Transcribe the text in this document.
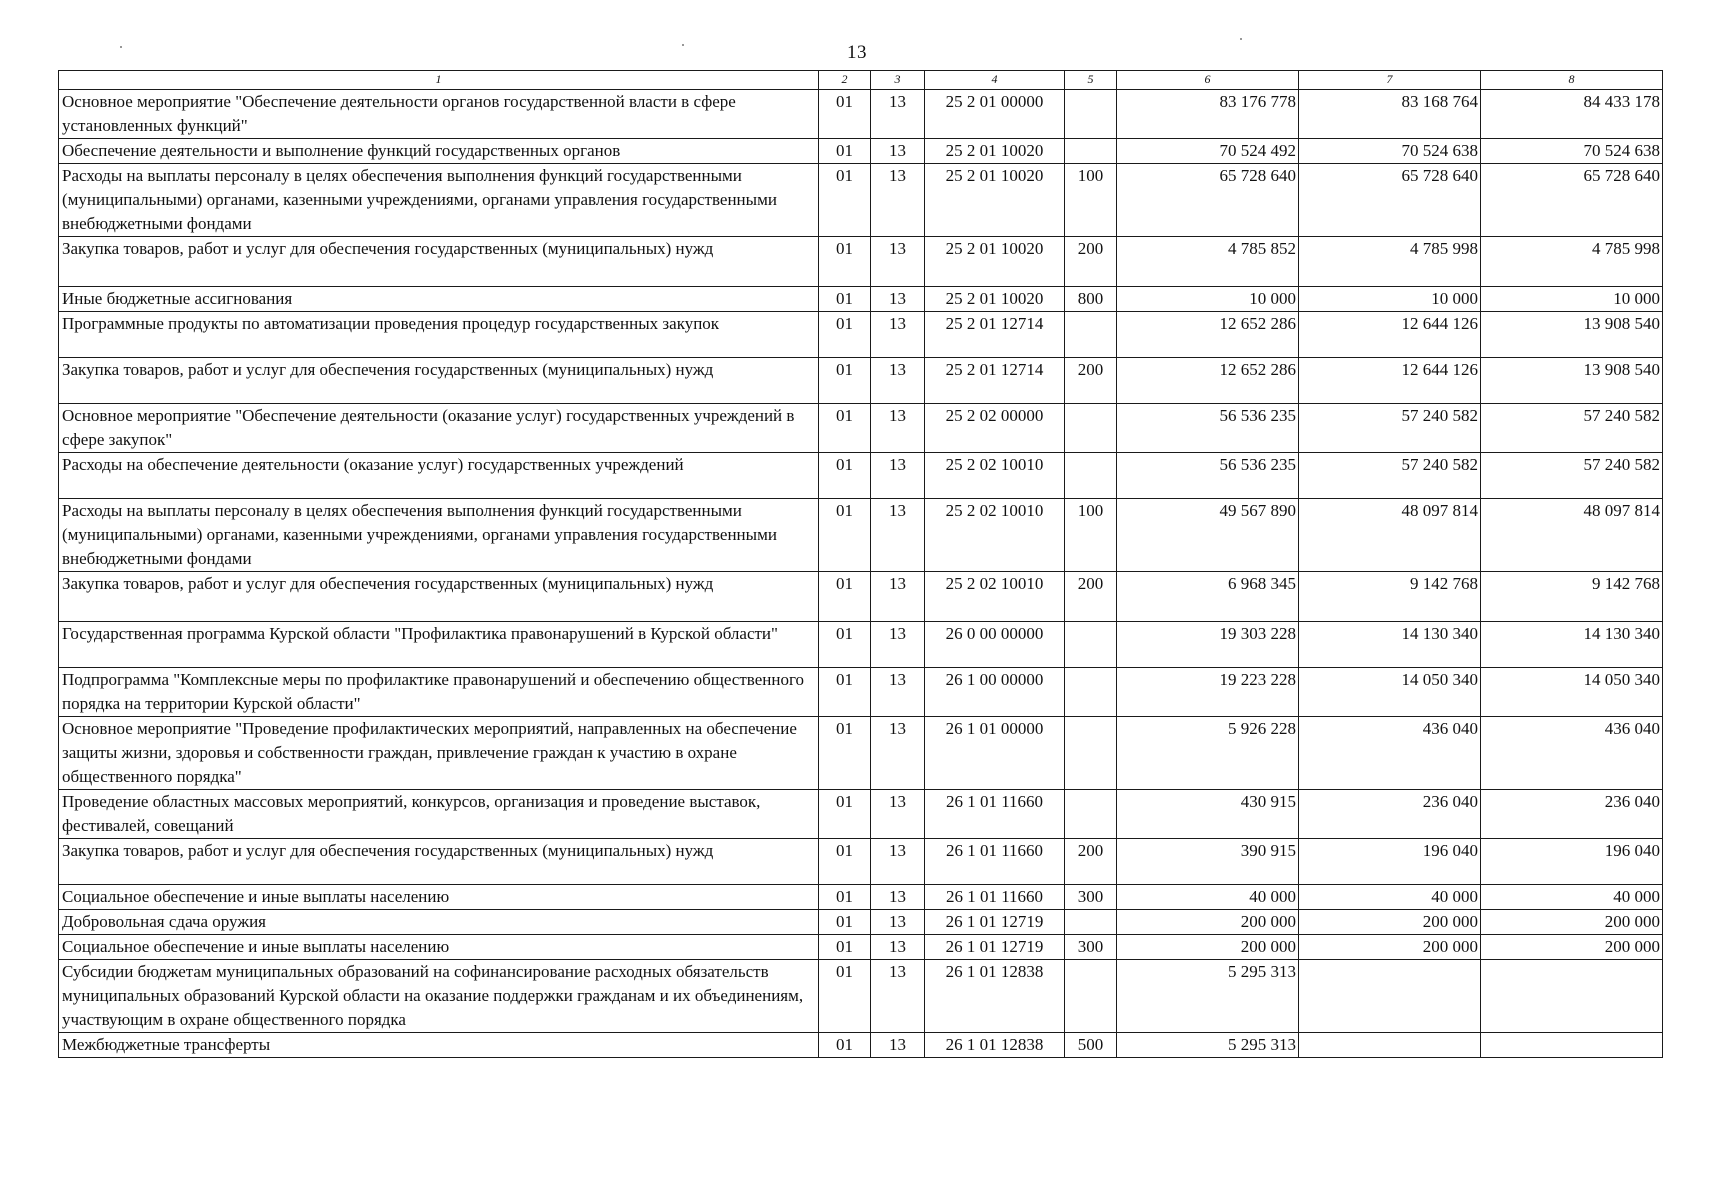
13
1	2	3	4	5	6	7	8
Основное мероприятие "Обеспечение деятельности органов государственной власти в сфере установленных функций"	01	13	25 2 01 00000		83 176 778	83 168 764	84 433 178
Обеспечение деятельности и выполнение функций государственных органов	01	13	25 2 01 10020		70 524 492	70 524 638	70 524 638
Расходы на выплаты персоналу в целях обеспечения выполнения функций государственными (муниципальными) органами, казенными учреждениями, органами управления государственными внебюджетными фондами	01	13	25 2 01 10020	100	65 728 640	65 728 640	65 728 640
Закупка товаров, работ и услуг для обеспечения государственных (муниципальных) нужд	01	13	25 2 01 10020	200	4 785 852	4 785 998	4 785 998
Иные бюджетные ассигнования	01	13	25 2 01 10020	800	10 000	10 000	10 000
Программные продукты по автоматизации проведения процедур государственных закупок	01	13	25 2 01 12714		12 652 286	12 644 126	13 908 540
Закупка товаров, работ и услуг для обеспечения государственных (муниципальных) нужд	01	13	25 2 01 12714	200	12 652 286	12 644 126	13 908 540
Основное мероприятие "Обеспечение деятельности (оказание услуг) государственных учреждений в сфере закупок"	01	13	25 2 02 00000		56 536 235	57 240 582	57 240 582
Расходы на обеспечение деятельности (оказание услуг) государственных учреждений	01	13	25 2 02 10010		56 536 235	57 240 582	57 240 582
Расходы на выплаты персоналу в целях обеспечения выполнения функций государственными (муниципальными) органами, казенными учреждениями, органами управления государственными внебюджетными фондами	01	13	25 2 02 10010	100	49 567 890	48 097 814	48 097 814
Закупка товаров, работ и услуг для обеспечения государственных (муниципальных) нужд	01	13	25 2 02 10010	200	6 968 345	9 142 768	9 142 768
Государственная программа Курской области "Профилактика правонарушений в Курской области"	01	13	26 0 00 00000		19 303 228	14 130 340	14 130 340
Подпрограмма "Комплексные меры по профилактике правонарушений и обеспечению общественного порядка на территории Курской области"	01	13	26 1 00 00000		19 223 228	14 050 340	14 050 340
Основное мероприятие "Проведение профилактических мероприятий, направленных на обеспечение защиты жизни, здоровья и собственности граждан, привлечение граждан к участию в охране общественного порядка"	01	13	26 1 01 00000		5 926 228	436 040	436 040
Проведение областных массовых мероприятий, конкурсов, организация и проведение выставок, фестивалей, совещаний	01	13	26 1 01 11660		430 915	236 040	236 040
Закупка товаров, работ и услуг для обеспечения государственных (муниципальных) нужд	01	13	26 1 01 11660	200	390 915	196 040	196 040
Социальное обеспечение и иные выплаты населению	01	13	26 1 01 11660	300	40 000	40 000	40 000
Добровольная сдача оружия	01	13	26 1 01 12719		200 000	200 000	200 000
Социальное обеспечение и иные выплаты населению	01	13	26 1 01 12719	300	200 000	200 000	200 000
Субсидии бюджетам муниципальных образований на софинансирование расходных обязательств муниципальных образований Курской области на оказание поддержки гражданам и их объединениям, участвующим в охране общественного порядка	01	13	26 1 01 12838		5 295 313		
Межбюджетные трансферты	01	13	26 1 01 12838	500	5 295 313		
